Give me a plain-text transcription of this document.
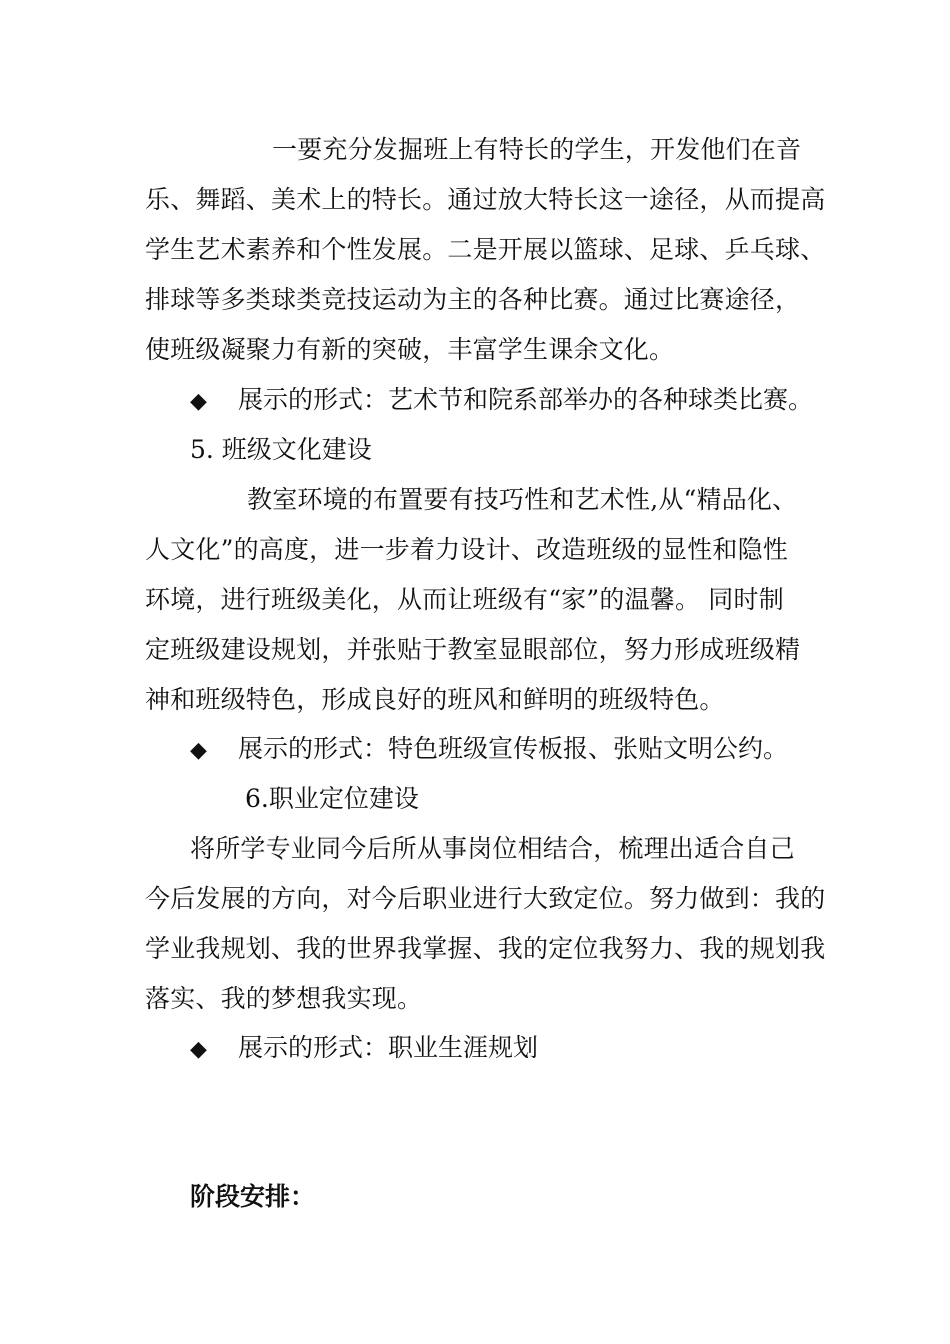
一要充分发掘班上有特长的学生，开发他们在音
乐、舞蹈、美术上的特长。通过放大特长这一途径，从而提高
学生艺术素养和个性发展。二是开展以篮球、足球、乒乓球、
排球等多类球类竞技运动为主的各种比赛。通过比赛途径，
使班级凝聚力有新的突破，丰富学生课余文化。
◆ 展示的形式：艺术节和院系部举办的各种球类比赛。
5. 班级文化建设
教室环境的布置要有技巧性和艺术性,从“精品化、
人文化”的高度，进一步着力设计、改造班级的显性和隐性
环境，进行班级美化，从而让班级有“家”的温馨。 同时制
定班级建设规划，并张贴于教室显眼部位，努力形成班级精
神和班级特色，形成良好的班风和鲜明的班级特色。
◆ 展示的形式：特色班级宣传板报、张贴文明公约。
6.职业定位建设
将所学专业同今后所从事岗位相结合，梳理出适合自己
今后发展的方向，对今后职业进行大致定位。努力做到：我的
学业我规划、我的世界我掌握、我的定位我努力、我的规划我
落实、我的梦想我实现。
◆ 展示的形式：职业生涯规划
阶段安排：
